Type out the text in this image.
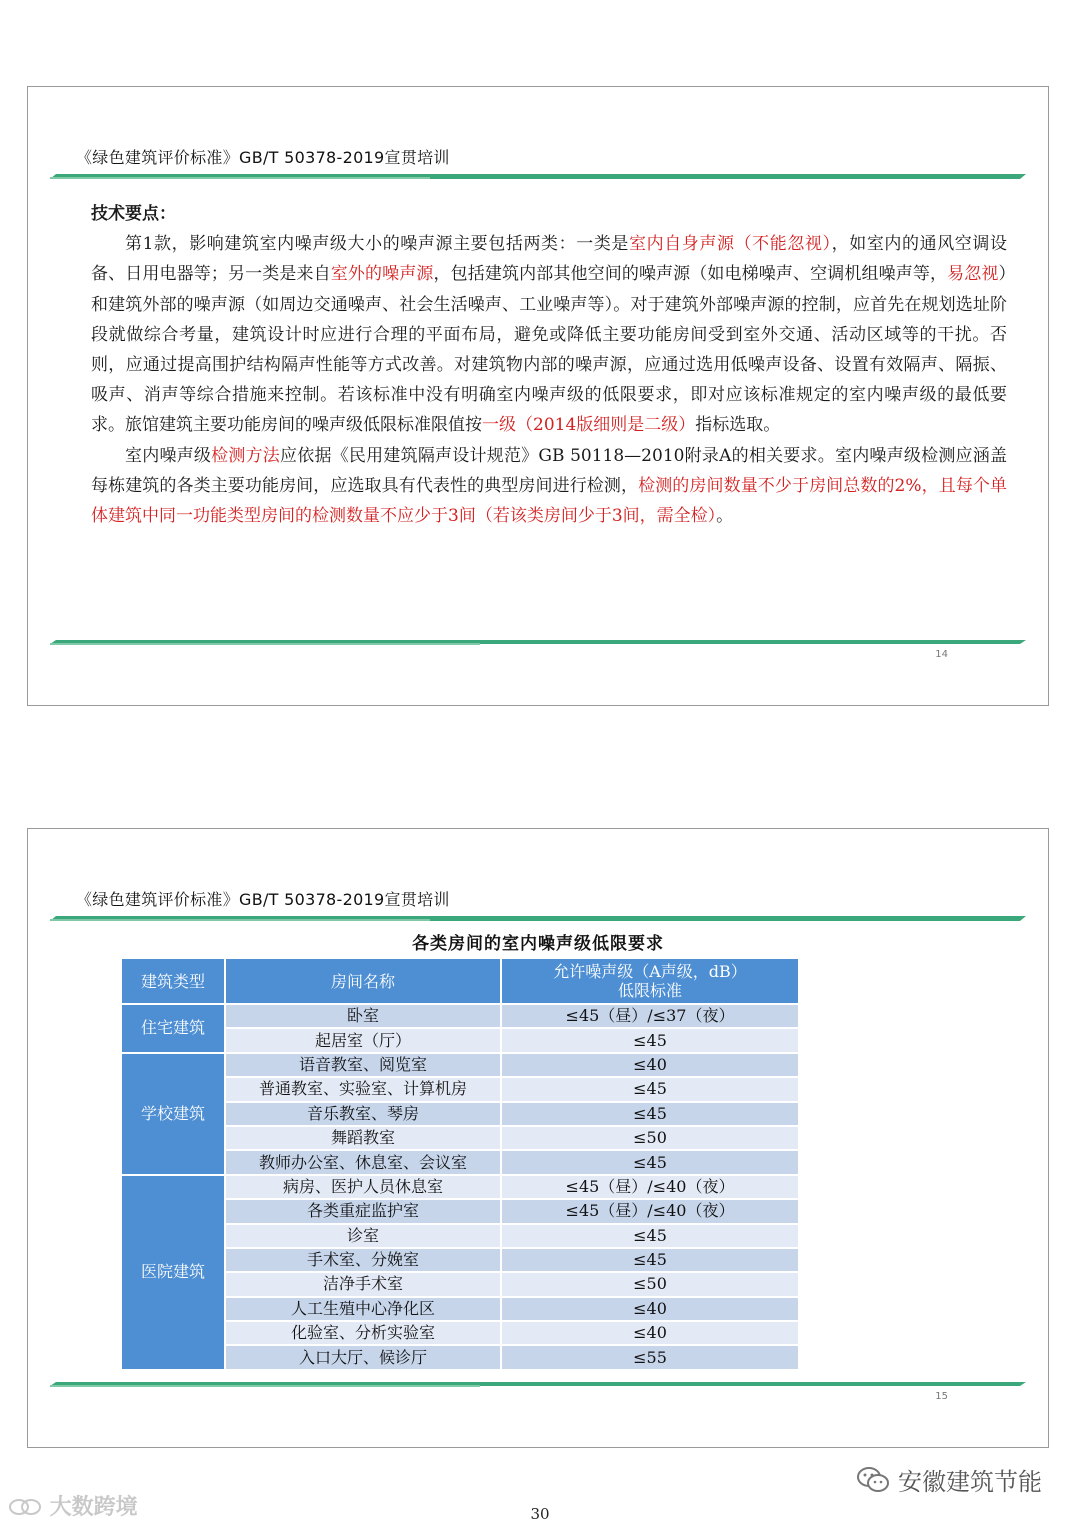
《绿色建筑评价标准》GB/T 50378-2019宣贯培训

技术要点：

第1款，影响建筑室内噪声级大小的噪声源主要包括两类：一类是室内自身声源（不能忽视），如室内的通风空调设备、日用电器等；另一类是来自室外的噪声源，包括建筑内部其他空间的噪声源（如电梯噪声、空调机组噪声等，易忽视）和建筑外部的噪声源（如周边交通噪声、社会生活噪声、工业噪声等）。对于建筑外部噪声源的控制，应首先在规划选址阶段就做综合考量，建筑设计时应进行合理的平面布局，避免或降低主要功能房间受到室外交通、活动区域等的干扰。否则，应通过提高围护结构隔声性能等方式改善。对建筑物内部的噪声源，应通过选用低噪声设备、设置有效隔声、隔振、吸声、消声等综合措施来控制。若该标准中没有明确室内噪声级的低限要求，即对应该标准规定的室内噪声级的最低要求。旅馆建筑主要功能房间的噪声级低限标准限值按一级（2014版细则是二级）指标选取。

室内噪声级检测方法应依据《民用建筑隔声设计规范》GB 50118—2010附录A的相关要求。室内噪声级检测应涵盖每栋建筑的各类主要功能房间，应选取具有代表性的典型房间进行检测，检测的房间数量不少于房间总数的2%，且每个单体建筑中同一功能类型房间的检测数量不应少于3间（若该类房间少于3间，需全检）。

14
《绿色建筑评价标准》GB/T 50378-2019宣贯培训
各类房间的室内噪声级低限要求
建筑类型	房间名称	允许噪声级（A声级，dB）
低限标准

住宅建筑	卧室	≤45（昼）/≤37（夜）
	起居室（厅）	≤45
学校建筑	语音教室、阅览室	≤40
	普通教室、实验室、计算机房	≤45
	音乐教室、琴房	≤45
	舞蹈教室	≤50
	教师办公室、休息室、会议室	≤45
医院建筑	病房、医护人员休息室	≤45（昼）/≤40（夜）
	各类重症监护室	≤45（昼）/≤40（夜）
	诊室	≤45
	手术室、分娩室	≤45
	洁净手术室	≤50
	人工生殖中心净化区	≤40
	化验室、分析实验室	≤40
	入口大厅、候诊厅	≤55
15
大数跨境
安徽建筑节能
30
